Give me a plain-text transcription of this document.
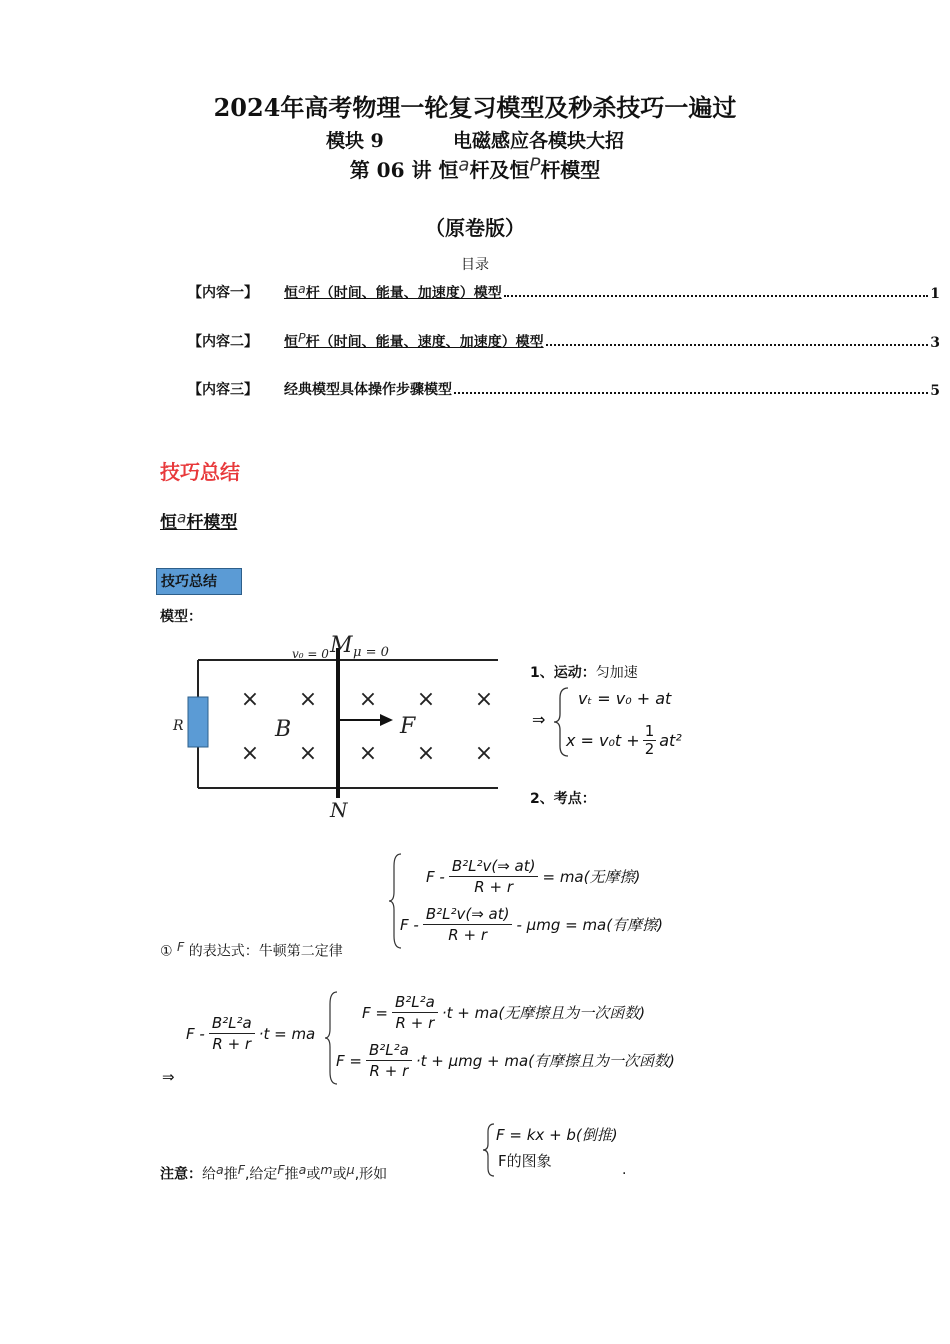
2024年高考物理一轮复习模型及秒杀技巧一遍过
模块 9	电磁感应各模块大招
第 06 讲 恒a杆及恒P杆模型
（原卷版）
目录
【内容一】	恒a杆（时间、能量、加速度）模型	1
【内容二】	恒P杆（时间、能量、速度、加速度）模型	3
【内容三】	经典模型具体操作步骤模型	5
技巧总结
恒a杆模型
技巧总结
模型：
× × × × ×
× × × × ×
v₀ = 0 M μ = 0
R	B	F
N
1、运动：匀加速
⇒
vₜ = v₀ + at
$x = v_0t + \frac{1}{2} at^2$
2、考点：
$F - \frac{\text{B²L²v(⇒ at)}}{R + r} = ma$(无摩擦)
F -
B²L²v(⇒ at)
R + r
- μmg = ma(有摩擦)
① F 的表达式：牛顿第二定律
F -
B²L²a
R + r
·t = ma
⇒
$F = \frac{\text{B²L²a}}{R + r} \cdot t + ma$(无摩擦且为一次函数)
$F = \frac{\text{B²L²a}}{R + r} \cdot t + \mu mg + ma$(有摩擦且为一次函数)
F = kx + b(倒推)
F的图象
注意：给a推F,给定F推a或m或μ,形如	.
